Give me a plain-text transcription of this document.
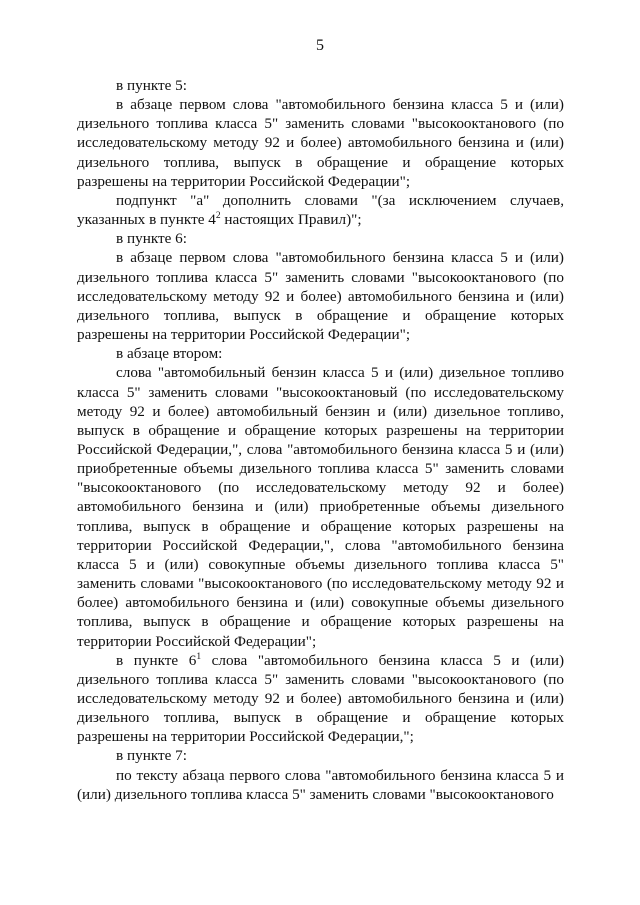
5

в пункте 5:

в абзаце первом слова "автомобильного бензина класса 5 и (или) дизельного топлива класса 5" заменить словами "высокооктанового (по исследовательскому методу 92 и более) автомобильного бензина и (или) дизельного топлива, выпуск в обращение и обращение которых разрешены на территории Российской Федерации";

подпункт "а" дополнить словами "(за исключением случаев, указанных в пункте $4^2$ настоящих Правил)";

в пункте 6:

в абзаце первом слова "автомобильного бензина класса 5 и (или) дизельного топлива класса 5" заменить словами "высокооктанового (по исследовательскому методу 92 и более) автомобильного бензина и (или) дизельного топлива, выпуск в обращение и обращение которых разрешены на территории Российской Федерации";

в абзаце втором:

слова "автомобильный бензин класса 5 и (или) дизельное топливо класса 5" заменить словами "высокооктановый (по исследовательскому методу 92 и более) автомобильный бензин и (или) дизельное топливо, выпуск в обращение и обращение которых разрешены на территории Российской Федерации,", слова "автомобильного бензина класса 5 и (или) приобретенные объемы дизельного топлива класса 5" заменить словами "высокооктанового (по исследовательскому методу 92 и более) автомобильного бензина и (или) приобретенные объемы дизельного топлива, выпуск в обращение и обращение которых разрешены на территории Российской Федерации,", слова "автомобильного бензина класса 5 и (или) совокупные объемы дизельного топлива класса 5" заменить словами "высокооктанового (по исследовательскому методу 92 и более) автомобильного бензина и (или) совокупные объемы дизельного топлива, выпуск в обращение и обращение которых разрешены на территории Российской Федерации";

в пункте $6^1$ слова "автомобильного бензина класса 5 и (или) дизельного топлива класса 5" заменить словами "высокооктанового (по исследовательскому методу 92 и более) автомобильного бензина и (или) дизельного топлива, выпуск в обращение и обращение которых разрешены на территории Российской Федерации,";

в пункте 7:

по тексту абзаца первого слова "автомобильного бензина класса 5 и (или) дизельного топлива класса 5" заменить словами "высокооктанового
